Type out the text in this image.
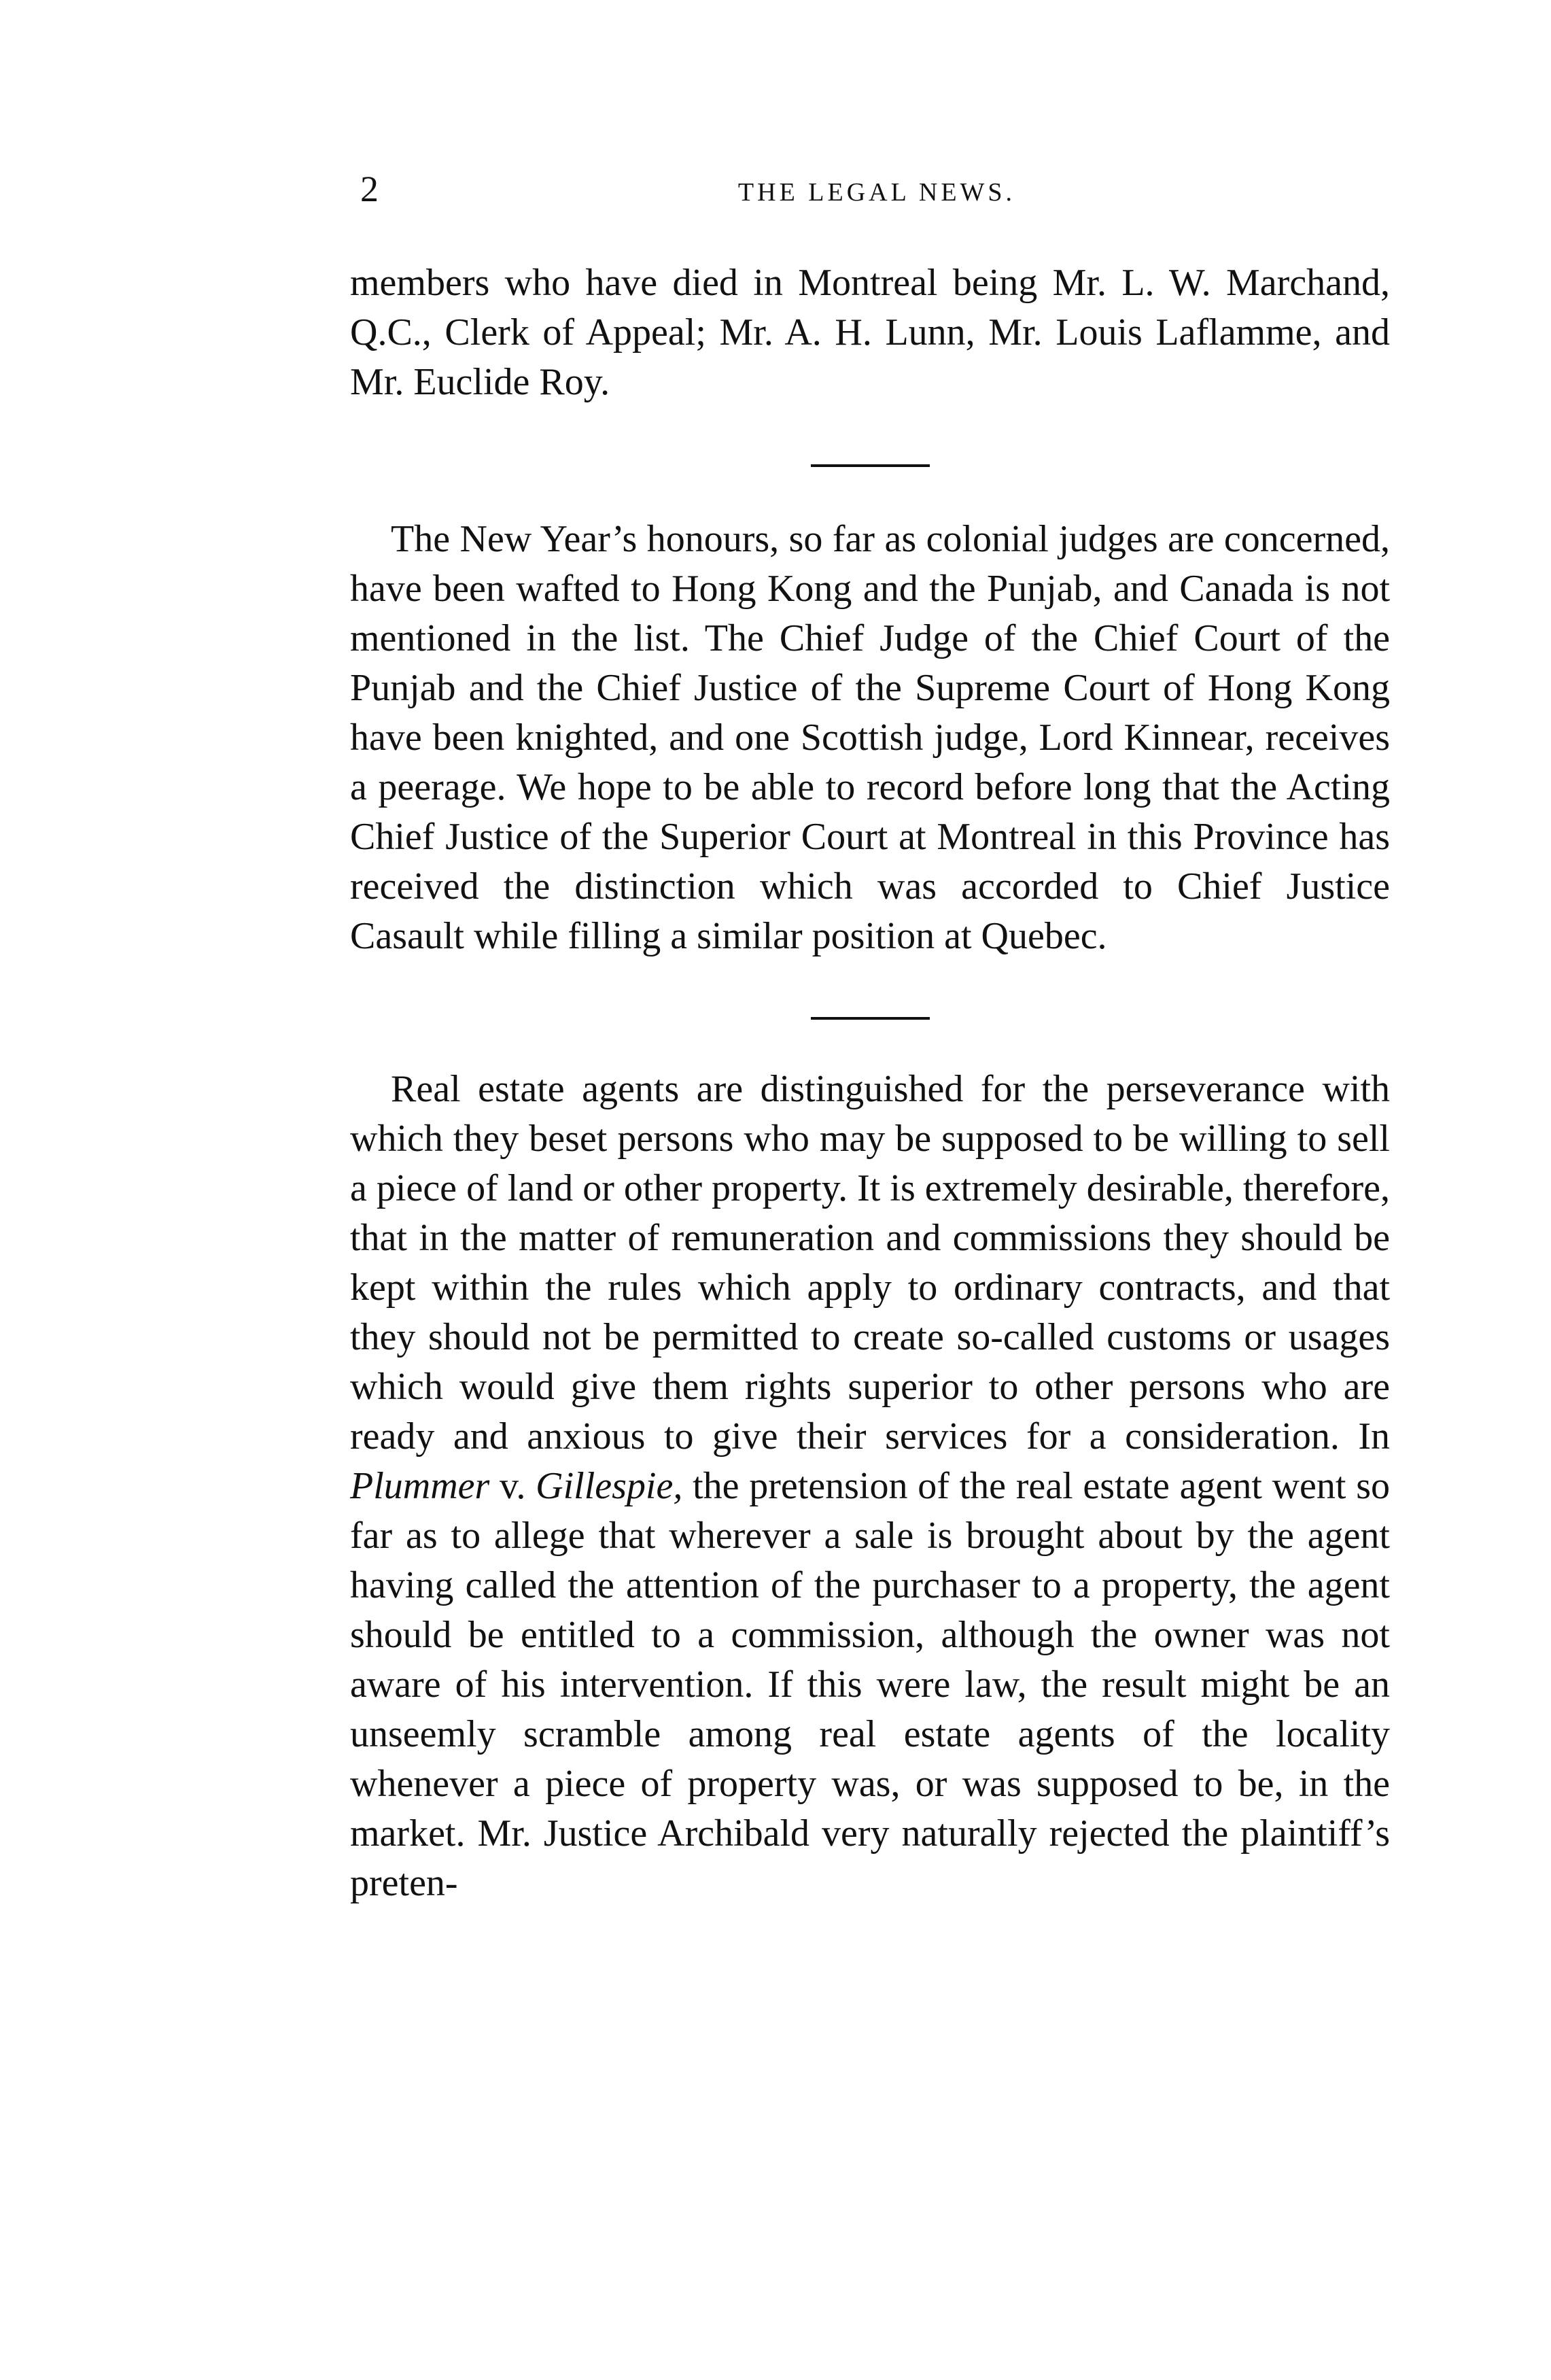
2	THE LEGAL NEWS.

members who have died in Montreal being Mr. L. W. Marchand, Q.C., Clerk of Appeal; Mr. A. H. Lunn, Mr. Louis Laflamme, and Mr. Euclide Roy.

The New Year’s honours, so far as colonial judges are concerned, have been wafted to Hong Kong and the Punjab, and Canada is not mentioned in the list. The Chief Judge of the Chief Court of the Punjab and the Chief Justice of the Supreme Court of Hong Kong have been knighted, and one Scottish judge, Lord Kinnear, receives a peerage. We hope to be able to record before long that the Acting Chief Justice of the Superior Court at Montreal in this Province has received the distinction which was accorded to Chief Justice Casault while filling a similar position at Quebec.

Real estate agents are distinguished for the perseverance with which they beset persons who may be supposed to be willing to sell a piece of land or other property. It is extremely desirable, therefore, that in the matter of remuneration and commissions they should be kept within the rules which apply to ordinary contracts, and that they should not be permitted to create so-called customs or usages which would give them rights superior to other persons who are ready and anxious to give their services for a consideration. In Plummer v. Gillespie, the pretension of the real estate agent went so far as to allege that wherever a sale is brought about by the agent having called the attention of the purchaser to a property, the agent should be entitled to a commission, although the owner was not aware of his intervention. If this were law, the result might be an unseemly scramble among real estate agents of the locality whenever a piece of property was, or was supposed to be, in the market. Mr. Justice Archibald very naturally rejected the plaintiff’s preten-
